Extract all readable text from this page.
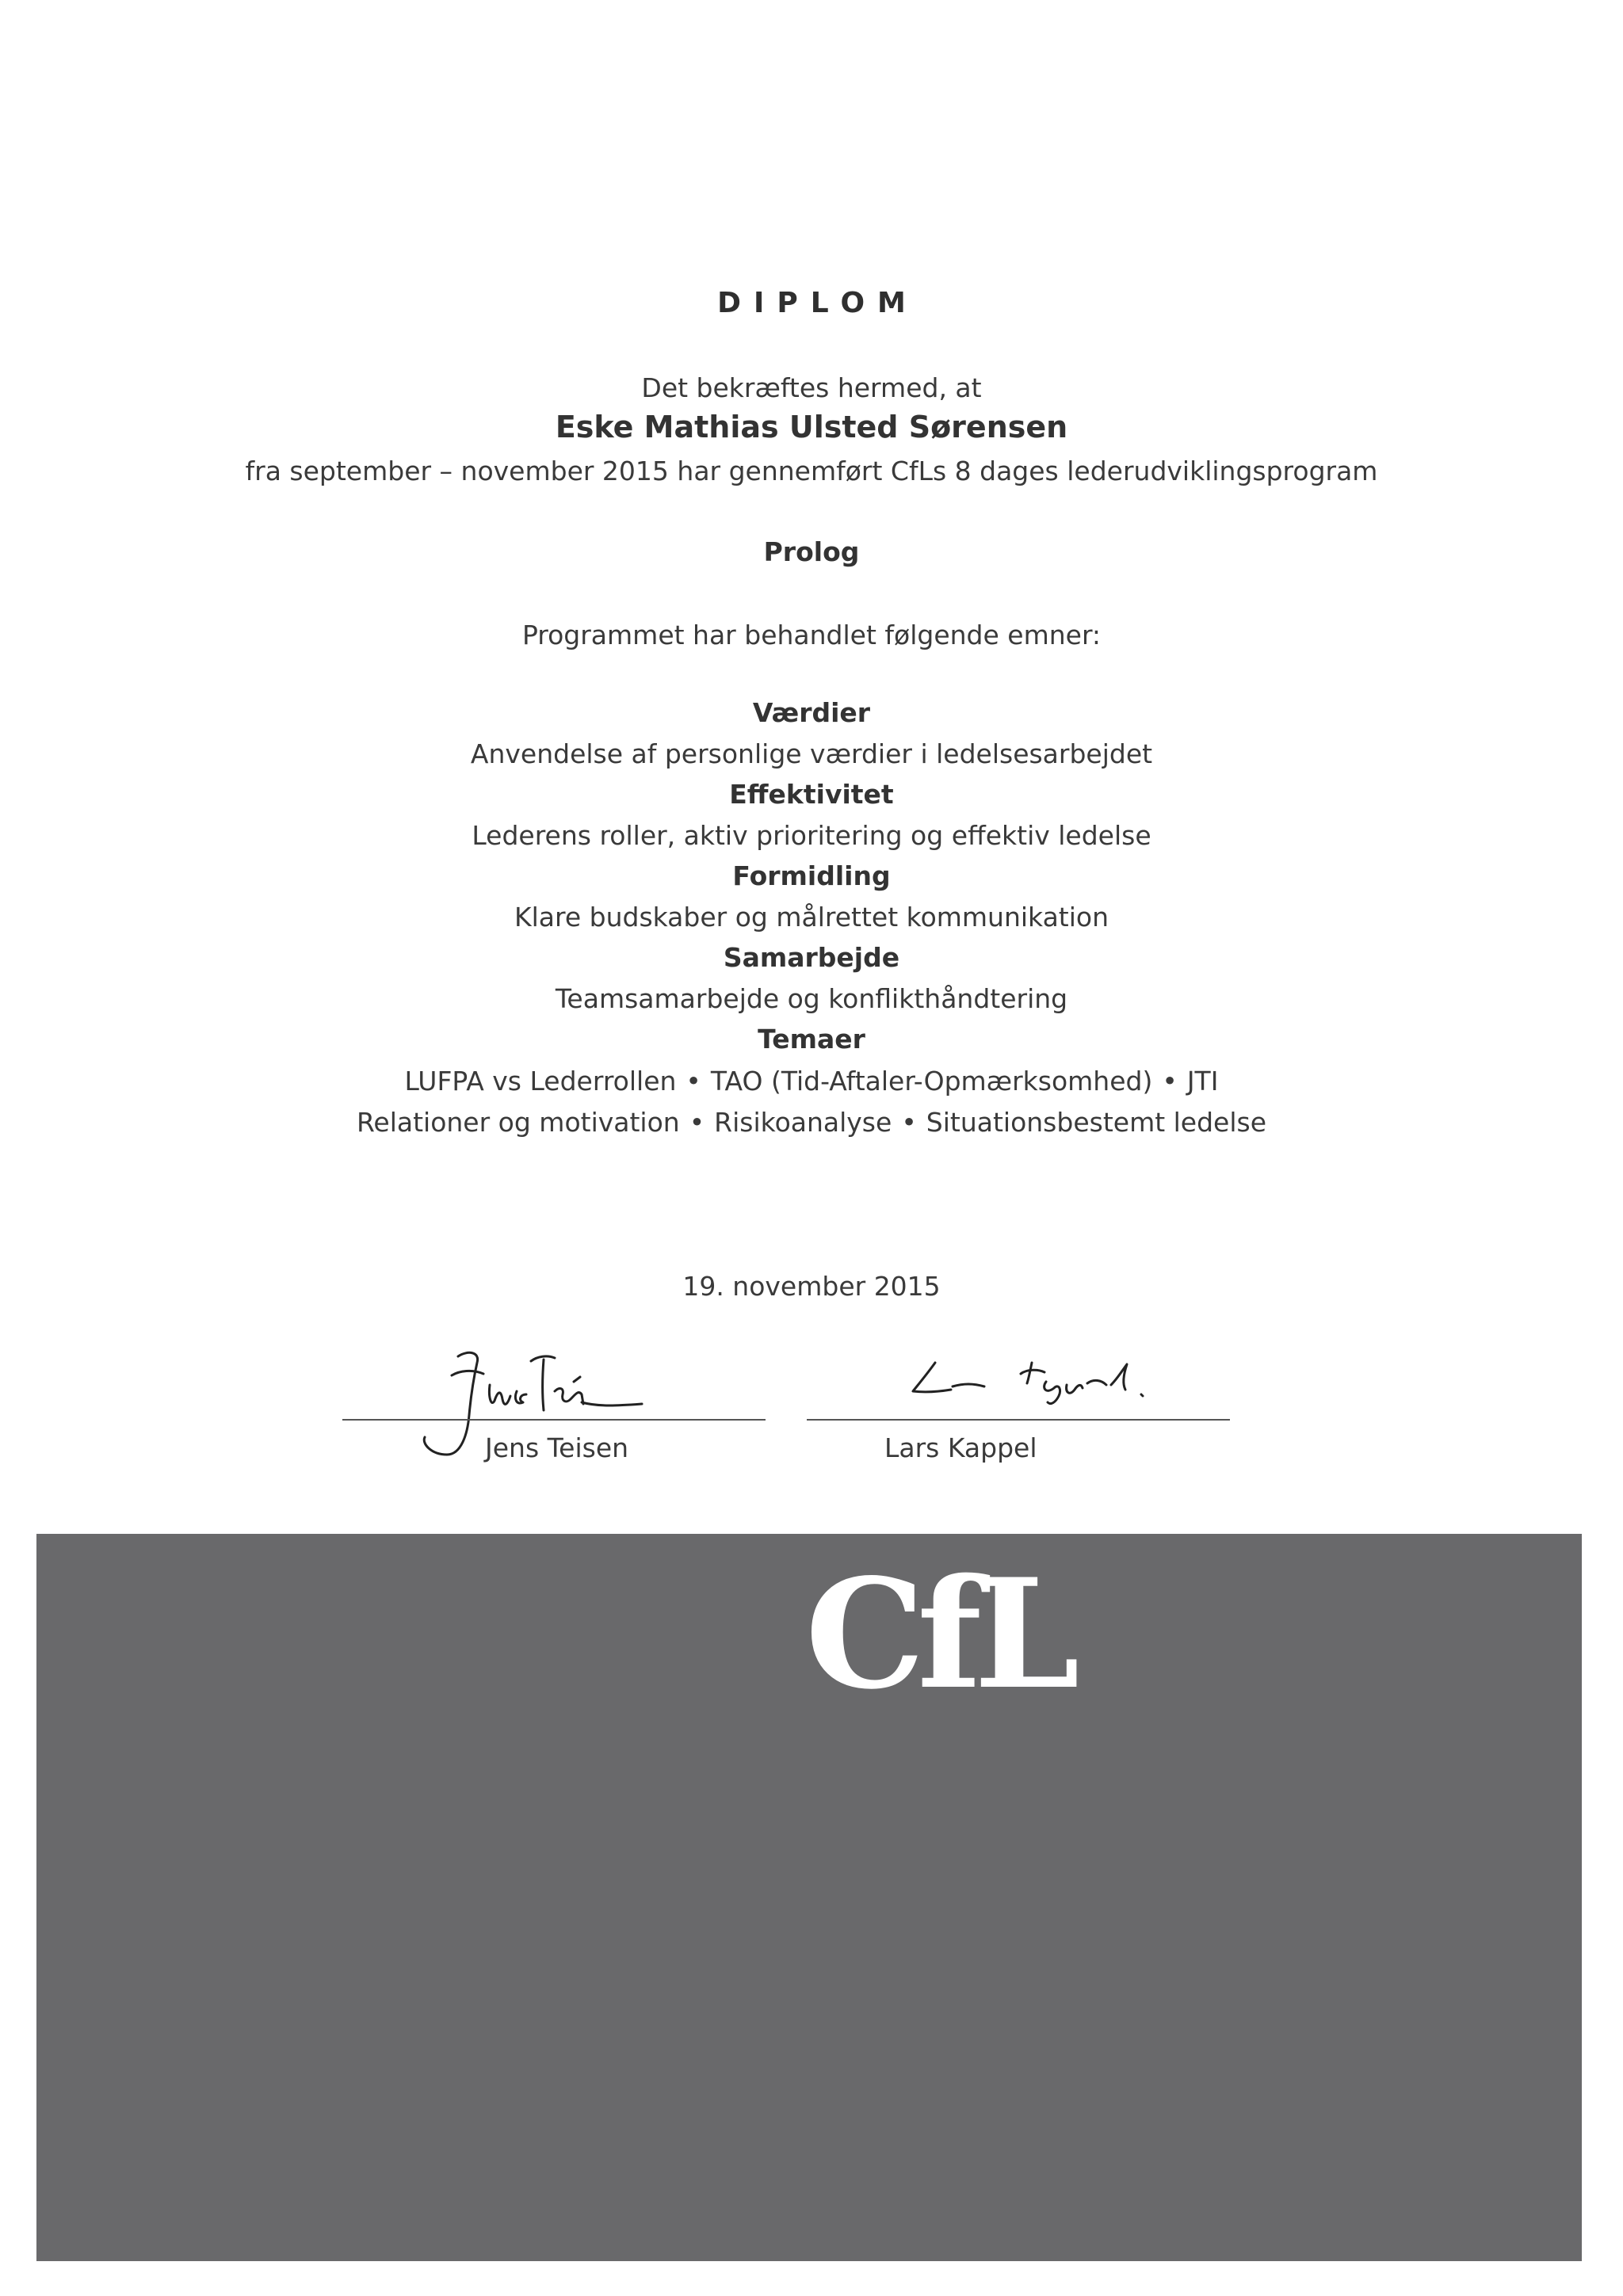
DIPLOM
Det bekræftes hermed, at
Eske Mathias Ulsted Sørensen
fra september – november 2015 har gennemført CfLs 8 dages lederudviklingsprogram
Prolog
Programmet har behandlet følgende emner:
Værdier
Anvendelse af personlige værdier i ledelsesarbejdet
Effektivitet
Lederens roller, aktiv prioritering og effektiv ledelse
Formidling
Klare budskaber og målrettet kommunikation
Samarbejde
Teamsamarbejde og konflikthåndtering
Temaer
LUFPA vs Lederrollen • TAO (Tid-Aftaler-Opmærksomhed) • JTI
Relationer og motivation • Risikoanalyse • Situationsbestemt ledelse
19. november 2015
Jens Teisen	Lars Kappel
CfL
